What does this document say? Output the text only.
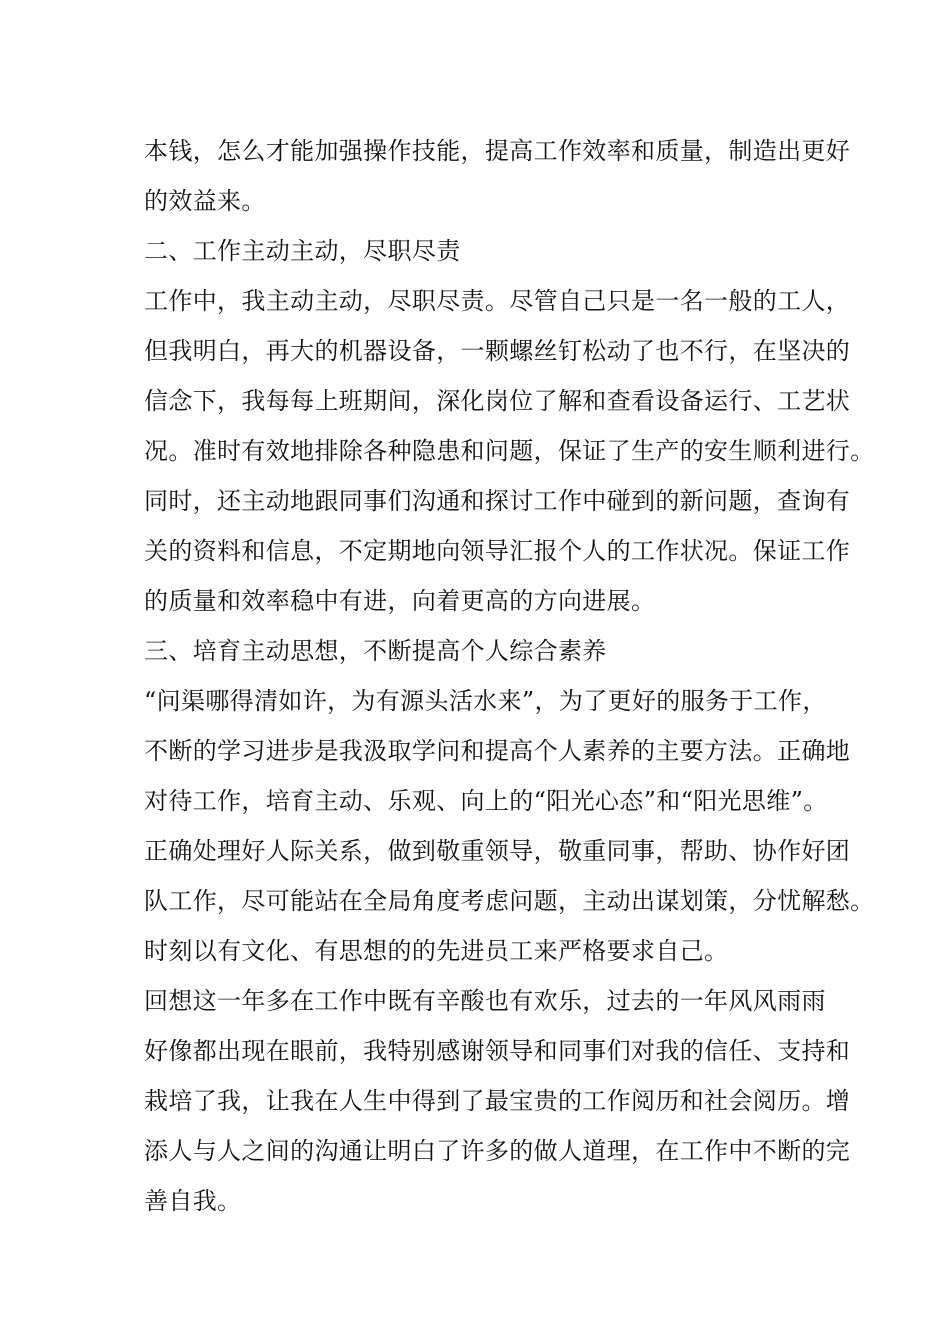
本钱，怎么才能加强操作技能，提高工作效率和质量，制造出更好
的效益来。
二、工作主动主动，尽职尽责
工作中，我主动主动，尽职尽责。尽管自己只是一名一般的工人，
但我明白，再大的机器设备，一颗螺丝钉松动了也不行，在坚决的
信念下，我每每上班期间，深化岗位了解和查看设备运行、工艺状
况。准时有效地排除各种隐患和问题，保证了生产的安生顺利进行。
同时，还主动地跟同事们沟通和探讨工作中碰到的新问题，查询有
关的资料和信息，不定期地向领导汇报个人的工作状况。保证工作
的质量和效率稳中有进，向着更高的方向进展。
三、培育主动思想，不断提高个人综合素养
“问渠哪得清如许，为有源头活水来”，为了更好的服务于工作，
不断的学习进步是我汲取学问和提高个人素养的主要方法。正确地
对待工作，培育主动、乐观、向上的“阳光心态”和“阳光思维”。
正确处理好人际关系，做到敬重领导，敬重同事，帮助、协作好团
队工作，尽可能站在全局角度考虑问题，主动出谋划策，分忧解愁。
时刻以有文化、有思想的的先进员工来严格要求自己。
回想这一年多在工作中既有辛酸也有欢乐，过去的一年风风雨雨
好像都出现在眼前，我特别感谢领导和同事们对我的信任、支持和
栽培了我，让我在人生中得到了最宝贵的工作阅历和社会阅历。增
添人与人之间的沟通让明白了许多的做人道理，在工作中不断的完
善自我。
